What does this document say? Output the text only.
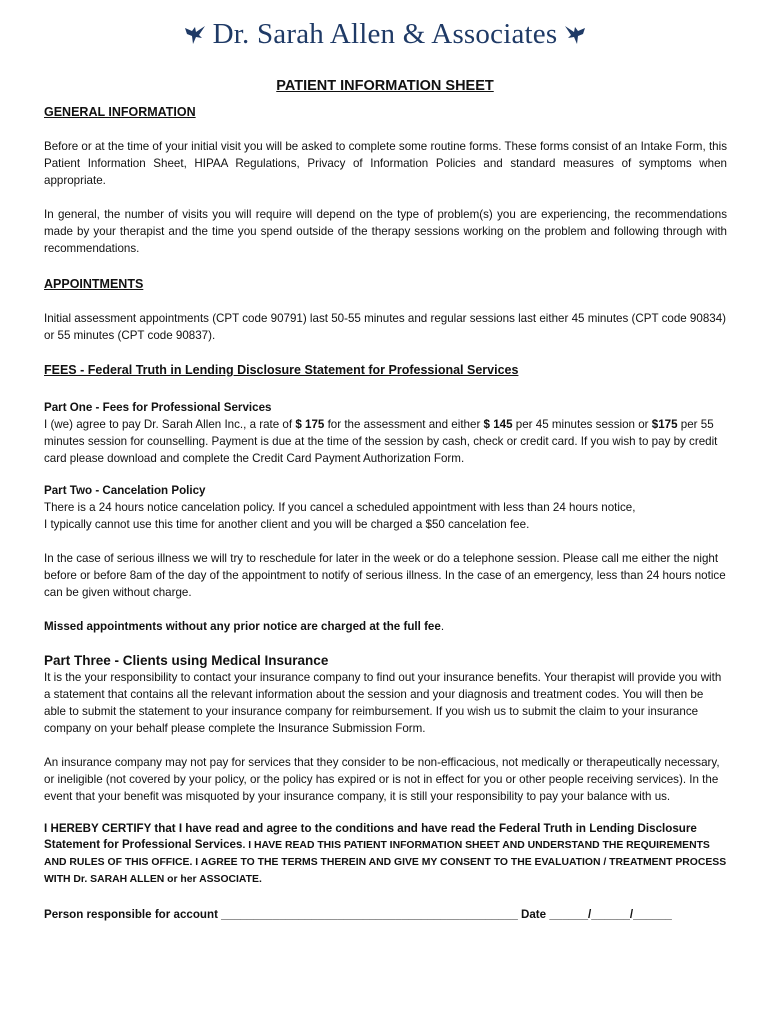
Dr. Sarah Allen & Associates
PATIENT INFORMATION SHEET
GENERAL INFORMATION

Before or at the time of your initial visit you will be asked to complete some routine forms. These forms consist of an Intake Form, this Patient Information Sheet, HIPAA Regulations, Privacy of Information Policies and standard measures of symptoms when appropriate.

In general, the number of visits you will require will depend on the type of problem(s) you are experiencing, the recommendations made by your therapist and the time you spend outside of the therapy sessions working on the problem and following through with recommendations.

APPOINTMENTS

Initial assessment appointments (CPT code 90791) last 50-55 minutes and regular sessions last either 45 minutes (CPT code 90834) or 55 minutes (CPT code 90837).

FEES - Federal Truth in Lending Disclosure Statement for Professional Services
Part One - Fees for Professional Services

I (we) agree to pay Dr. Sarah Allen Inc., a rate of $ 175 for the assessment and either $ 145 per 45 minutes session or $175 per 55 minutes session for counselling. Payment is due at the time of the session by cash, check or credit card. If you wish to pay by credit card please download and complete the Credit Card Payment Authorization Form.

Part Two - Cancelation Policy

There is a 24 hours notice cancelation policy. If you cancel a scheduled appointment with less than 24 hours notice,

I typically cannot use this time for another client and you will be charged a $50 cancelation fee.

In the case of serious illness we will try to reschedule for later in the week or do a telephone session. Please call me either the night before or before 8am of the day of the appointment to notify of serious illness. In the case of an emergency, less than 24 hours notice can be given without charge.

Missed appointments without any prior notice are charged at the full fee.

Part Three - Clients using Medical Insurance

It is the your responsibility to contact your insurance company to find out your insurance benefits. Your therapist will provide you with a statement that contains all the relevant information about the session and your diagnosis and treatment codes. You will then be able to submit the statement to your insurance company for reimbursement. If you wish us to submit the claim to your insurance company on your behalf please complete the Insurance Submission Form.

An insurance company may not pay for services that they consider to be non-efficacious, not medically or therapeutically necessary, or ineligible (not covered by your policy, or the policy has expired or is not in effect for you or other people receiving services). In the event that your benefit was misquoted by your insurance company, it is still your responsibility to pay your balance with us.

I HEREBY CERTIFY that I have read and agree to the conditions and have read the Federal Truth in Lending Disclosure Statement for Professional Services. I HAVE READ THIS PATIENT INFORMATION SHEET AND UNDERSTAND THE REQUIREMENTS AND RULES OF THIS OFFICE. I AGREE TO THE TERMS THEREIN AND GIVE MY CONSENT TO THE EVALUATION / TREATMENT PROCESS WITH Dr. SARAH ALLEN or her ASSOCIATE.

Person responsible for account ______________________________________________ Date ______/______/______
